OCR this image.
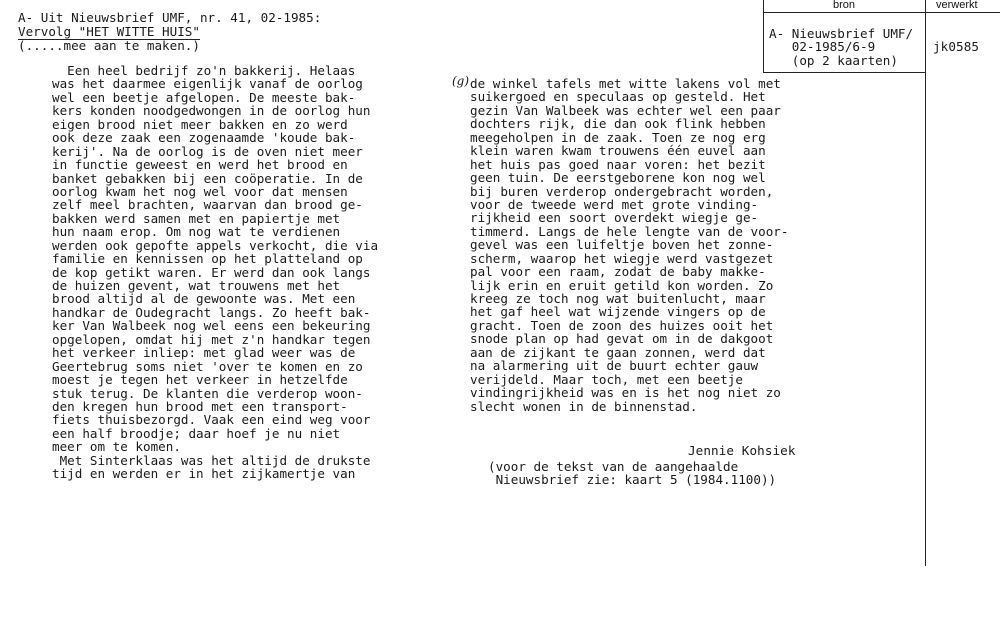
A- Uit Nieuwsbrief UMF, nr. 41, 02-1985:
Vervolg "HET WITTE HUIS"
(.....mee aan te maken.)
bron	verwerkt
A- Nieuwsbrief UMF/
02-1985/6-9
(op 2 kaarten)
jk0585
Een heel bedrijf zo'n bakkerij. Helaas
was het daarmee eigenlijk vanaf de oorlog
wel een beetje afgelopen. De meeste bak-
kers konden noodgedwongen in de oorlog hun
eigen brood niet meer bakken en zo werd
ook deze zaak een zogenaamde 'koude bak-
kerij'. Na de oorlog is de oven niet meer
in functie geweest en werd het brood en
banket gebakken bij een coöperatie. In de
oorlog kwam het nog wel voor dat mensen
zelf meel brachten, waarvan dan brood ge-
bakken werd samen met en papiertje met
hun naam erop. Om nog wat te verdienen
werden ook gepofte appels verkocht, die via
familie en kennissen op het platteland op
de kop getikt waren. Er werd dan ook langs
de huizen gevent, wat trouwens met het
brood altijd al de gewoonte was. Met een
handkar de Oudegracht langs. Zo heeft bak-
ker Van Walbeek nog wel eens een bekeuring
opgelopen, omdat hij met z'n handkar tegen
het verkeer inliep: met glad weer was de
Geertebrug soms niet 'over te komen en zo
moest je tegen het verkeer in hetzelfde
stuk terug. De klanten die verderop woon-
den kregen hun brood met een transport-
fiets thuisbezorgd. Vaak een eind weg voor
een half broodje; daar hoef je nu niet
meer om te komen.
Met Sinterklaas was het altijd de drukste
tijd en werden er in het zijkamertje van
(g) de winkel tafels met witte lakens vol met
suikergoed en speculaas op gesteld. Het
gezin Van Walbeek was echter wel een paar
dochters rijk, die dan ook flink hebben
meegeholpen in de zaak. Toen ze nog erg
klein waren kwam trouwens één euvel aan
het huis pas goed naar voren: het bezit
geen tuin. De eerstgeborene kon nog wel
bij buren verderop ondergebracht worden,
voor de tweede werd met grote vinding-
rijkheid een soort overdekt wiegje ge-
timmerd. Langs de hele lengte van de voor-
gevel was een luifeltje boven het zonne-
scherm, waarop het wiegje werd vastgezet
pal voor een raam, zodat de baby makke-
lijk erin en eruit getild kon worden. Zo
kreeg ze toch nog wat buitenlucht, maar
het gaf heel wat wijzende vingers op de
gracht. Toen de zoon des huizes ooit het
snode plan op had gevat om in de dakgoot
aan de zijkant te gaan zonnen, werd dat
na alarmering uit de buurt echter gauw
verijdeld. Maar toch, met een beetje
vindingrijkheid was en is het nog niet zo
slecht wonen in de binnenstad.
Jennie Kohsiek
(voor de tekst van de aangehaalde
Nieuwsbrief zie: kaart 5 (1984.1100))
